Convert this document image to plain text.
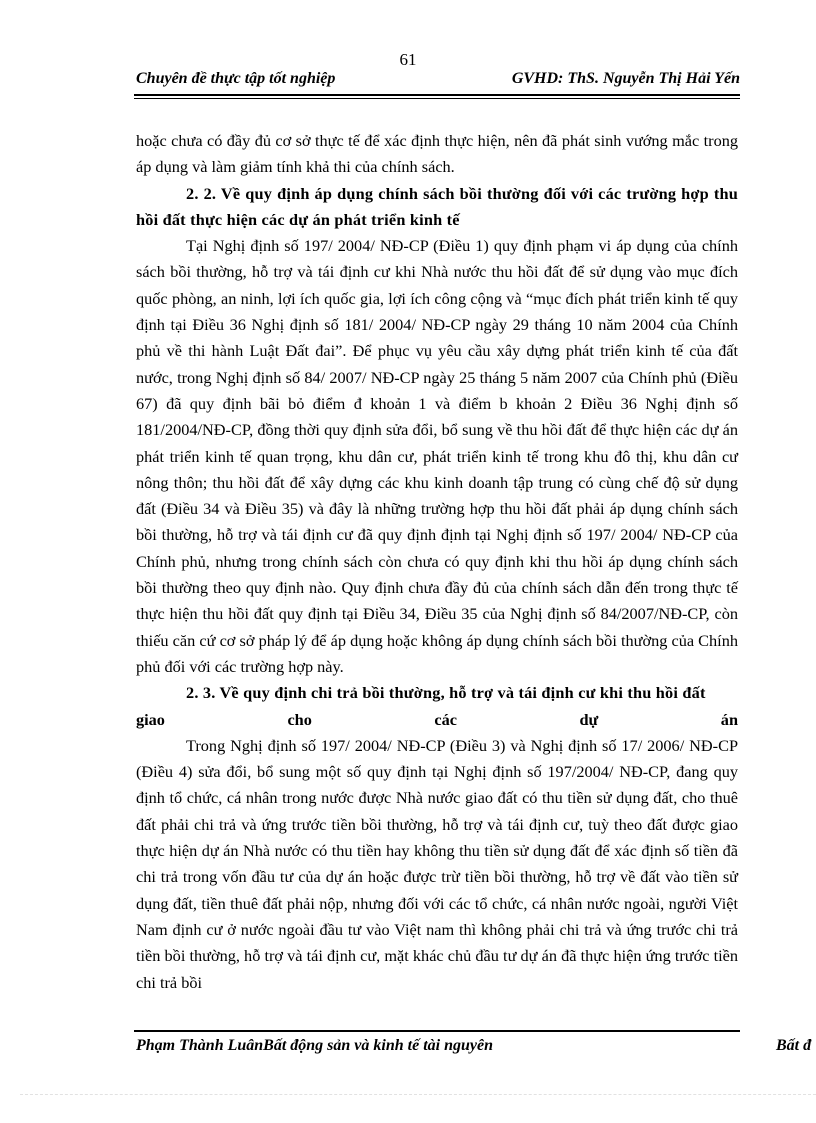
61
Chuyên đề thực tập tốt nghiệp	GVHD: ThS. Nguyễn Thị Hải Yến

hoặc chưa có đầy đủ cơ sở thực tế để xác định thực hiện, nên đã phát sinh vướng mắc trong áp dụng và làm giảm tính khả thi của chính sách.

2. 2. Về quy định áp dụng chính sách bồi thường đối với các trường hợp thu hồi đất thực hiện các dự án phát triển kinh tế

Tại Nghị định số 197/ 2004/ NĐ-CP (Điều 1) quy định phạm vi áp dụng của chính sách bồi thường, hỗ trợ và tái định cư khi Nhà nước thu hồi đất để sử dụng vào mục đích quốc phòng, an ninh, lợi ích quốc gia, lợi ích công cộng và “mục đích phát triển kinh tế quy định tại Điều 36 Nghị định số 181/ 2004/ NĐ-CP ngày 29 tháng 10 năm 2004 của Chính phủ về thi hành Luật Đất đai”. Để phục vụ yêu cầu xây dựng phát triển kinh tế của đất nước, trong Nghị định số 84/ 2007/ NĐ-CP ngày 25 tháng 5 năm 2007 của Chính phủ (Điều 67) đã quy định bãi bỏ điểm đ khoản 1 và điểm b khoản 2 Điều 36 Nghị định số 181/2004/NĐ-CP, đồng thời quy định sửa đổi, bổ sung về thu hồi đất để thực hiện các dự án phát triển kinh tế quan trọng, khu dân cư, phát triển kinh tế trong khu đô thị, khu dân cư nông thôn; thu hồi đất để xây dựng các khu kinh doanh tập trung có cùng chế độ sử dụng đất (Điều 34 và Điều 35) và đây là những trường hợp thu hồi đất phải áp dụng chính sách bồi thường, hỗ trợ và tái định cư đã quy định định tại Nghị định số 197/ 2004/ NĐ-CP của Chính phủ, nhưng trong chính sách còn chưa có quy định khi thu hồi áp dụng chính sách bồi thường theo quy định nào. Quy định chưa đầy đủ của chính sách dẫn đến trong thực tế thực hiện thu hồi đất quy định tại Điều 34, Điều 35 của Nghị định số 84/2007/NĐ-CP, còn thiếu căn cứ cơ sở pháp lý để áp dụng hoặc không áp dụng chính sách bồi thường của Chính phủ đối với các trường hợp này.

2. 3. Về quy định chi trả bồi thường, hỗ trợ và tái định cư khi thu hồi đất

giao	cho	các	dự	án

Trong Nghị định số 197/ 2004/ NĐ-CP (Điều 3) và Nghị định số 17/ 2006/ NĐ-CP (Điều 4) sửa đổi, bổ sung một số quy định tại Nghị định số 197/2004/ NĐ-CP, đang quy định tổ chức, cá nhân trong nước được Nhà nước giao đất có thu tiền sử dụng đất, cho thuê đất phải chi trả và ứng trước tiền bồi thường, hỗ trợ và tái định cư, tuỳ theo đất được giao thực hiện dự án Nhà nước có thu tiền hay không thu tiền sử dụng đất để xác định số tiền đã chi trả trong vốn đầu tư của dự án hoặc được trừ tiền bồi thường, hỗ trợ về đất vào tiền sử dụng đất, tiền thuê đất phải nộp, nhưng đối với các tổ chức, cá nhân nước ngoài, người Việt Nam định cư ở nước ngoài đầu tư vào Việt nam thì không phải chi trả và ứng trước chi trả tiền bồi thường, hỗ trợ và tái định cư, mặt khác chủ đầu tư dự án đã thực hiện ứng trước tiền chi trả bồi

Phạm Thành LuânBất động sản và kinh tế tài nguyên	Bất đ
